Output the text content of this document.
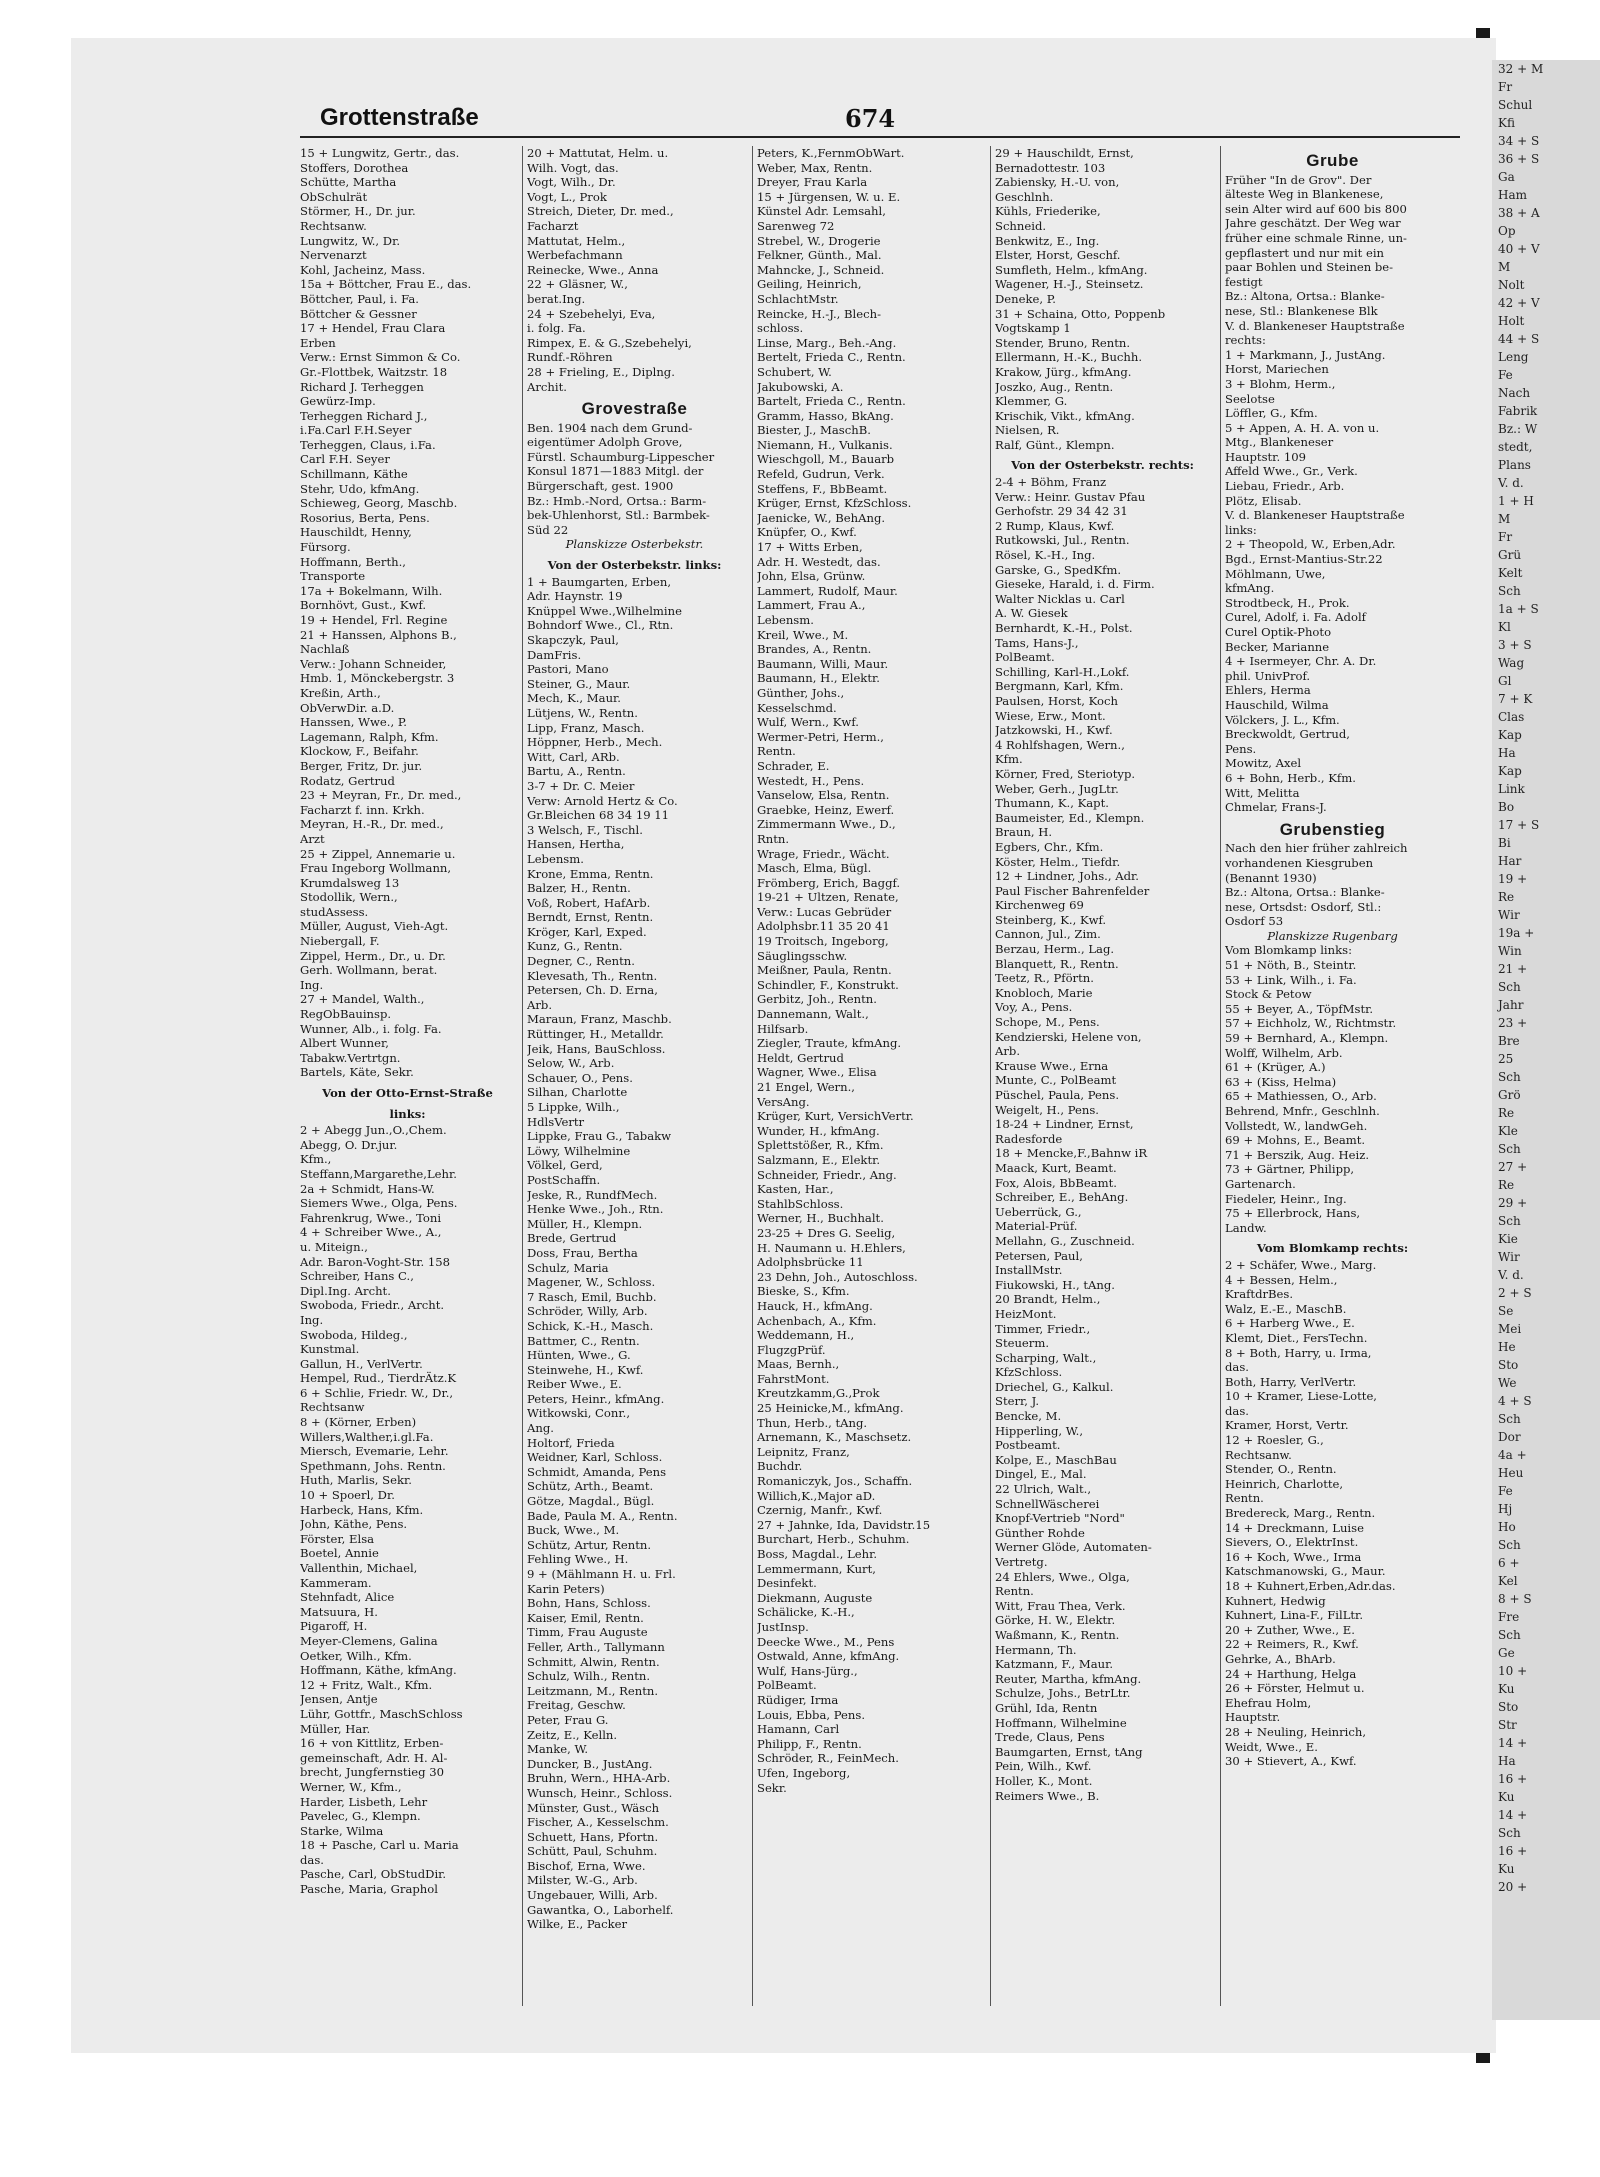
Grottenstraße	674
15 + Lungwitz, Gertr., das.
Stoffers, Dorothea
Schütte, Martha
ObSchulrät
Störmer, H., Dr. jur.
Rechtsanw.
Lungwitz, W., Dr.
Nervenarzt
Kohl, Jacheinz, Mass.
15a + Böttcher, Frau E., das.
Böttcher, Paul, i. Fa.
Böttcher & Gessner
17 + Hendel, Frau Clara
Erben
Verw.: Ernst Simmon & Co.
Gr.-Flottbek, Waitzstr. 18
Richard J. Terheggen
Gewürz-Imp.
Terheggen Richard J.,
i.Fa.Carl F.H.Seyer
Terheggen, Claus, i.Fa.
Carl F.H. Seyer
Schillmann, Käthe
Stehr, Udo, kfmAng.
Schieweg, Georg, Maschb.
Rosorius, Berta, Pens.
Hauschildt, Henny,
Fürsorg.
Hoffmann, Berth.,
Transporte
17a + Bokelmann, Wilh.
Bornhövt, Gust., Kwf.
19 + Hendel, Frl. Regine
21 + Hanssen, Alphons B.,
Nachlaß
Verw.: Johann Schneider,
Hmb. 1, Mönckebergstr. 3
Kreßin, Arth.,
ObVerwDir. a.D.
Hanssen, Wwe., P.
Lagemann, Ralph, Kfm.
Klockow, F., Beifahr.
Berger, Fritz, Dr. jur.
Rodatz, Gertrud
23 + Meyran, Fr., Dr. med.,
Facharzt f. inn. Krkh.
Meyran, H.-R., Dr. med.,
Arzt
25 + Zippel, Annemarie u.
Frau Ingeborg Wollmann,
Krumdalsweg 13
Stodollik, Wern.,
studAssess.
Müller, August, Vieh-Agt.
Niebergall, F.
Zippel, Herm., Dr., u. Dr.
Gerh. Wollmann, berat.
Ing.
27 + Mandel, Walth.,
RegObBauinsp.
Wunner, Alb., i. folg. Fa.
Albert Wunner,
Tabakw.Vertrtgn.
Bartels, Käte, Sekr.
Von der Otto-Ernst-Straße
links:
2 + Abegg Jun.,O.,Chem.
Abegg, O. Dr.jur.
Kfm.,
Steffann,Margarethe,Lehr.
2a + Schmidt, Hans-W.
Siemers Wwe., Olga, Pens.
Fahrenkrug, Wwe., Toni
4 + Schreiber Wwe., A.,
u. Miteign.,
Adr. Baron-Voght-Str. 158
Schreiber, Hans C.,
Dipl.Ing. Archt.
Swoboda, Friedr., Archt.
Ing.
Swoboda, Hildeg.,
Kunstmal.
Gallun, H., VerlVertr.
Hempel, Rud., TierdrÄtz.K
6 + Schlie, Friedr. W., Dr.,
Rechtsanw
8 + (Körner, Erben)
Willers,Walther,i.gl.Fa.
Miersch, Evemarie, Lehr.
Spethmann, Johs. Rentn.
Huth, Marlis, Sekr.
10 + Spoerl, Dr.
Harbeck, Hans, Kfm.
John, Käthe, Pens.
Förster, Elsa
Boetel, Annie
Vallenthin, Michael,
Kammeram.
Stehnfadt, Alice
Matsuura, H.
Pigaroff, H.
Meyer-Clemens, Galina
Oetker, Wilh., Kfm.
Hoffmann, Käthe, kfmAng.
12 + Fritz, Walt., Kfm.
Jensen, Antje
Lühr, Gottfr., MaschSchloss
Müller, Har.
16 + von Kittlitz, Erben-
gemeinschaft, Adr. H. Al-
brecht, Jungfernstieg 30
Werner, W., Kfm.,
Harder, Lisbeth, Lehr
Pavelec, G., Klempn.
Starke, Wilma
18 + Pasche, Carl u. Maria
das.
Pasche, Carl, ObStudDir.
Pasche, Maria, Graphol
20 + Mattutat, Helm. u.
Wilh. Vogt, das.
Vogt, Wilh., Dr.
Vogt, L., Prok
Streich, Dieter, Dr. med.,
Facharzt
Mattutat, Helm.,
Werbefachmann
Reinecke, Wwe., Anna
22 + Gläsner, W.,
berat.Ing.
24 + Szebehelyi, Eva,
i. folg. Fa.
Rimpex, E. & G.,Szebehelyi,
Rundf.-Röhren
28 + Frieling, E., Diplng.
Archit.
Grovestraße
Ben. 1904 nach dem Grund-
eigentümer Adolph Grove,
Fürstl. Schaumburg-Lippescher
Konsul 1871—1883 Mitgl. der
Bürgerschaft, gest. 1900
Bz.: Hmb.-Nord, Ortsa.: Barm-
bek-Uhlenhorst, Stl.: Barmbek-
Süd 22
Planskizze Osterbekstr.
Von der Osterbekstr. links:
1 + Baumgarten, Erben,
Adr. Haynstr. 19
Knüppel Wwe.,Wilhelmine
Bohndorf Wwe., Cl., Rtn.
Skapczyk, Paul,
DamFris.
Pastori, Mano
Steiner, G., Maur.
Mech, K., Maur.
Lütjens, W., Rentn.
Lipp, Franz, Masch.
Höppner, Herb., Mech.
Witt, Carl, ARb.
Bartu, A., Rentn.
3-7 + Dr. C. Meier
Verw: Arnold Hertz & Co.
Gr.Bleichen 68 34 19 11
3 Welsch, F., Tischl.
Hansen, Hertha,
Lebensm.
Krone, Emma, Rentn.
Balzer, H., Rentn.
Voß, Robert, HafArb.
Berndt, Ernst, Rentn.
Kröger, Karl, Exped.
Kunz, G., Rentn.
Degner, C., Rentn.
Klevesath, Th., Rentn.
Petersen, Ch. D. Erna,
Arb.
Maraun, Franz, Maschb.
Rüttinger, H., Metalldr.
Jeik, Hans, BauSchloss.
Selow, W., Arb.
Schauer, O., Pens.
Silhan, Charlotte
5 Lippke, Wilh.,
HdlsVertr
Lippke, Frau G., Tabakw
Löwy, Wilhelmine
Völkel, Gerd,
PostSchaffn.
Jeske, R., RundfMech.
Henke Wwe., Joh., Rtn.
Müller, H., Klempn.
Brede, Gertrud
Doss, Frau, Bertha
Schulz, Maria
Magener, W., Schloss.
7 Rasch, Emil, Buchb.
Schröder, Willy, Arb.
Schick, K.-H., Masch.
Battmer, C., Rentn.
Hünten, Wwe., G.
Steinwehe, H., Kwf.
Reiber Wwe., E.
Peters, Heinr., kfmAng.
Witkowski, Conr.,
Ang.
Holtorf, Frieda
Weidner, Karl, Schloss.
Schmidt, Amanda, Pens
Schütz, Arth., Beamt.
Götze, Magdal., Bügl.
Bade, Paula M. A., Rentn.
Buck, Wwe., M.
Schütz, Artur, Rentn.
Fehling Wwe., H.
9 + (Mählmann H. u. Frl.
Karin Peters)
Bohn, Hans, Schloss.
Kaiser, Emil, Rentn.
Timm, Frau Auguste
Feller, Arth., Tallymann
Schmitt, Alwin, Rentn.
Schulz, Wilh., Rentn.
Leitzmann, M., Rentn.
Freitag, Geschw.
Peter, Frau G.
Zeitz, E., Kelln.
Manke, W.
Duncker, B., JustAng.
Bruhn, Wern., HHA-Arb.
Wunsch, Heinr., Schloss.
Münster, Gust., Wäsch
Fischer, A., Kesselschm.
Schuett, Hans, Pfortn.
Schütt, Paul, Schuhm.
Bischof, Erna, Wwe.
Milster, W.-G., Arb.
Ungebauer, Willi, Arb.
Gawantka, O., Laborhelf.
Wilke, E., Packer
Peters, K.,FernmObWart.
Weber, Max, Rentn.
Dreyer, Frau Karla
15 + Jürgensen, W. u. E.
Künstel Adr. Lemsahl,
Sarenweg 72
Strebel, W., Drogerie
Felkner, Günth., Mal.
Mahncke, J., Schneid.
Geiling, Heinrich,
SchlachtMstr.
Reincke, H.-J., Blech-
schloss.
Linse, Marg., Beh.-Ang.
Bertelt, Frieda C., Rentn.
Schubert, W.
Jakubowski, A.
Bartelt, Frieda C., Rentn.
Gramm, Hasso, BkAng.
Biester, J., MaschB.
Niemann, H., Vulkanis.
Wieschgoll, M., Bauarb
Refeld, Gudrun, Verk.
Steffens, F., BbBeamt.
Krüger, Ernst, KfzSchloss.
Jaenicke, W., BehAng.
Knüpfer, O., Kwf.
17 + Witts Erben,
Adr. H. Westedt, das.
John, Elsa, Grünw.
Lammert, Rudolf, Maur.
Lammert, Frau A.,
Lebensm.
Kreil, Wwe., M.
Brandes, A., Rentn.
Baumann, Willi, Maur.
Baumann, H., Elektr.
Günther, Johs.,
Kesselschmd.
Wulf, Wern., Kwf.
Wermer-Petri, Herm.,
Rentn.
Schrader, E.
Westedt, H., Pens.
Vanselow, Elsa, Rentn.
Graebke, Heinz, Ewerf.
Zimmermann Wwe., D.,
Rntn.
Wrage, Friedr., Wächt.
Masch, Elma, Bügl.
Frömberg, Erich, Baggf.
19-21 + Ultzen, Renate,
Verw.: Lucas Gebrüder
Adolphsbr.11 35 20 41
19 Troitsch, Ingeborg,
Säuglingsschw.
Meißner, Paula, Rentn.
Schindler, F., Konstrukt.
Gerbitz, Joh., Rentn.
Dannemann, Walt.,
Hilfsarb.
Ziegler, Traute, kfmAng.
Heldt, Gertrud
Wagner, Wwe., Elisa
21 Engel, Wern.,
VersAng.
Krüger, Kurt, VersichVertr.
Wunder, H., kfmAng.
Splettstößer, R., Kfm.
Salzmann, E., Elektr.
Schneider, Friedr., Ang.
Kasten, Har.,
StahlbSchloss.
Werner, H., Buchhalt.
23-25 + Dres G. Seelig,
H. Naumann u. H.Ehlers,
Adolphsbrücke 11
23 Dehn, Joh., Autoschloss.
Bieske, S., Kfm.
Hauck, H., kfmAng.
Achenbach, A., Kfm.
Weddemann, H.,
FlugzgPrüf.
Maas, Bernh.,
FahrstMont.
Kreutzkamm,G.,Prok
25 Heinicke,M., kfmAng.
Thun, Herb., tAng.
Arnemann, K., Maschsetz.
Leipnitz, Franz,
Buchdr.
Romaniczyk, Jos., Schaffn.
Willich,K.,Major aD.
Czernig, Manfr., Kwf.
27 + Jahnke, Ida, Davidstr.15
Burchart, Herb., Schuhm.
Boss, Magdal., Lehr.
Lemmermann, Kurt,
Desinfekt.
Diekmann, Auguste
Schälicke, K.-H.,
JustInsp.
Deecke Wwe., M., Pens
Ostwald, Anne, kfmAng.
Wulf, Hans-Jürg.,
PolBeamt.
Rüdiger, Irma
Louis, Ebba, Pens.
Hamann, Carl
Philipp, F., Rentn.
Schröder, R., FeinMech.
Ufen, Ingeborg,
Sekr.
29 + Hauschildt, Ernst,
Bernadottestr. 103
Zabiensky, H.-U. von,
Geschlnh.
Kühls, Friederike,
Schneid.
Benkwitz, E., Ing.
Elster, Horst, Geschf.
Sumfleth, Helm., kfmAng.
Wagener, H.-J., Steinsetz.
Deneke, P.
31 + Schaina, Otto, Poppenb
Vogtskamp 1
Stender, Bruno, Rentn.
Ellermann, H.-K., Buchh.
Krakow, Jürg., kfmAng.
Joszko, Aug., Rentn.
Klemmer, G.
Krischik, Vikt., kfmAng.
Nielsen, R.
Ralf, Günt., Klempn.
Von der Osterbekstr. rechts:
2-4 + Böhm, Franz
Verw.: Heinr. Gustav Pfau
Gerhofstr. 29 34 42 31
2 Rump, Klaus, Kwf.
Rutkowski, Jul., Rentn.
Rösel, K.-H., Ing.
Garske, G., SpedKfm.
Gieseke, Harald, i. d. Firm.
Walter Nicklas u. Carl
A. W. Giesek
Bernhardt, K.-H., Polst.
Tams, Hans-J.,
PolBeamt.
Schilling, Karl-H.,Lokf.
Bergmann, Karl, Kfm.
Paulsen, Horst, Koch
Wiese, Erw., Mont.
Jatzkowski, H., Kwf.
4 Rohlfshagen, Wern.,
Kfm.
Körner, Fred, Steriotyp.
Weber, Gerh., JugLtr.
Thumann, K., Kapt.
Baumeister, Ed., Klempn.
Braun, H.
Egbers, Chr., Kfm.
Köster, Helm., Tiefdr.
12 + Lindner, Johs., Adr.
Paul Fischer Bahrenfelder
Kirchenweg 69
Steinberg, K., Kwf.
Cannon, Jul., Zim.
Berzau, Herm., Lag.
Blanquett, R., Rentn.
Teetz, R., Pförtn.
Knobloch, Marie
Voy, A., Pens.
Schope, M., Pens.
Kendzierski, Helene von,
Arb.
Krause Wwe., Erna
Munte, C., PolBeamt
Püschel, Paula, Pens.
Weigelt, H., Pens.
18-24 + Lindner, Ernst,
Radesforde
18 + Mencke,F.,Bahnw iR
Maack, Kurt, Beamt.
Fox, Alois, BbBeamt.
Schreiber, E., BehAng.
Ueberrück, G.,
Material-Prüf.
Mellahn, G., Zuschneid.
Petersen, Paul,
InstallMstr.
Fiukowski, H., tAng.
20 Brandt, Helm.,
HeizMont.
Timmer, Friedr.,
Steuerm.
Scharping, Walt.,
KfzSchloss.
Driechel, G., Kalkul.
Sterr, J.
Bencke, M.
Hipperling, W.,
Postbeamt.
Kolpe, E., MaschBau
Dingel, E., Mal.
22 Ulrich, Walt.,
SchnellWäscherei
Knopf-Vertrieb "Nord"
Günther Rohde
Werner Glöde, Automaten-
Vertretg.
24 Ehlers, Wwe., Olga,
Rentn.
Witt, Frau Thea, Verk.
Görke, H. W., Elektr.
Waßmann, K., Rentn.
Hermann, Th.
Katzmann, F., Maur.
Reuter, Martha, kfmAng.
Schulze, Johs., BetrLtr.
Grühl, Ida, Rentn
Hoffmann, Wilhelmine
Trede, Claus, Pens
Baumgarten, Ernst, tAng
Pein, Wilh., Kwf.
Holler, K., Mont.
Reimers Wwe., B.
Grube
Früher "In de Grov". Der
älteste Weg in Blankenese,
sein Alter wird auf 600 bis 800
Jahre geschätzt. Der Weg war
früher eine schmale Rinne, un-
gepflastert und nur mit ein
paar Bohlen und Steinen be-
festigt
Bz.: Altona, Ortsa.: Blanke-
nese, Stl.: Blankenese Blk
V. d. Blankeneser Hauptstraße
rechts:
1 + Markmann, J., JustAng.
Horst, Mariechen
3 + Blohm, Herm.,
Seelotse
Löffler, G., Kfm.
5 + Appen, A. H. A. von u.
Mtg., Blankeneser
Hauptstr. 109
Affeld Wwe., Gr., Verk.
Liebau, Friedr., Arb.
Plötz, Elisab.
V. d. Blankeneser Hauptstraße
links:
2 + Theopold, W., Erben,Adr.
Bgd., Ernst-Mantius-Str.22
Möhlmann, Uwe,
kfmAng.
Strodtbeck, H., Prok.
Curel, Adolf, i. Fa. Adolf
Curel Optik-Photo
Becker, Marianne
4 + Isermeyer, Chr. A. Dr.
phil. UnivProf.
Ehlers, Herma
Hauschild, Wilma
Völckers, J. L., Kfm.
Breckwoldt, Gertrud,
Pens.
Mowitz, Axel
6 + Bohn, Herb., Kfm.
Witt, Melitta
Chmelar, Frans-J.
Grubenstieg
Nach den hier früher zahlreich
vorhandenen Kiesgruben
(Benannt 1930)
Bz.: Altona, Ortsa.: Blanke-
nese, Ortsdst: Osdorf, Stl.:
Osdorf 53
Planskizze Rugenbarg
Vom Blomkamp links:
51 + Nöth, B., Steintr.
53 + Link, Wilh., i. Fa.
Stock & Petow
55 + Beyer, A., TöpfMstr.
57 + Eichholz, W., Richtmstr.
59 + Bernhard, A., Klempn.
Wolff, Wilhelm, Arb.
61 + (Krüger, A.)
63 + (Kiss, Helma)
65 + Mathiessen, O., Arb.
Behrend, Mnfr., Geschlnh.
Vollstedt, W., landwGeh.
69 + Mohns, E., Beamt.
71 + Berszik, Aug. Heiz.
73 + Gärtner, Philipp,
Gartenarch.
Fiedeler, Heinr., Ing.
75 + Ellerbrock, Hans,
Landw.
Vom Blomkamp rechts:
2 + Schäfer, Wwe., Marg.
4 + Bessen, Helm.,
KraftdrBes.
Walz, E.-E., MaschB.
6 + Harberg Wwe., E.
Klemt, Diet., FersTechn.
8 + Both, Harry, u. Irma,
das.
Both, Harry, VerlVertr.
10 + Kramer, Liese-Lotte,
das.
Kramer, Horst, Vertr.
12 + Roesler, G.,
Rechtsanw.
Stender, O., Rentn.
Heinrich, Charlotte,
Rentn.
Bredereck, Marg., Rentn.
14 + Dreckmann, Luise
Sievers, O., ElektrInst.
16 + Koch, Wwe., Irma
Katschmanowski, G., Maur.
18 + Kuhnert,Erben,Adr.das.
Kuhnert, Hedwig
Kuhnert, Lina-F., FilLtr.
20 + Zuther, Wwe., E.
22 + Reimers, R., Kwf.
Gehrke, A., BhArb.
24 + Harthung, Helga
26 + Förster, Helmut u.
Ehefrau Holm,
Hauptstr.
28 + Neuling, Heinrich,
Weidt, Wwe., E.
30 + Stievert, A., Kwf.
32 + M
Fr
Schul
Kfi
34 + S
36 + S
Ga
Ham
38 + A
Op
40 + V
M
Nolt
42 + V
Holt
44 + S
Leng
Fe
Nach
Fabrik
Bz.: W
stedt,
Plans
V. d.
1 + H
M
Fr
Grü
Kelt
Sch
1a + S
Kl
3 + S
Wag
Gl
7 + K
Clas
Kap
Ha
Kap
Link
Bo
17 + S
Bi
Har
19 +
Re
Wir
19a +
Win
21 +
Sch
Jahr
23 +
Bre
25
Sch
Grö
Re
Kle
Sch
27 +
Re
29 +
Sch
Kie
Wir
V. d.
2 + S
Se
Mei
He
Sto
We
4 + S
Sch
Dor
4a +
Heu
Fe
Hj
Ho
Sch
6 +
Kel
8 + S
Fre
Sch
Ge
10 +
Ku
Sto
Str
14 +
Ha
16 +
Ku
14 +
Sch
16 +
Ku
20 +
